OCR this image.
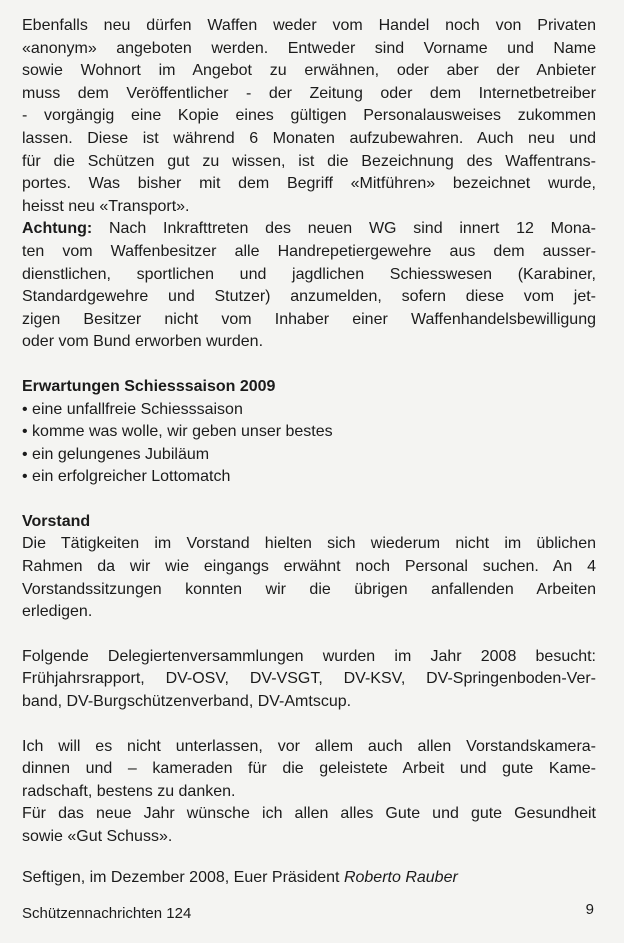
Ebenfalls neu dürfen Waffen weder vom Handel noch von Privaten
«anonym» angeboten werden. Entweder sind Vorname und Name
sowie Wohnort im Angebot zu erwähnen, oder aber der Anbieter
muss dem Veröffentlicher - der Zeitung oder dem Internetbetreiber
- vorgängig eine Kopie eines gültigen Personalausweises zukommen
lassen. Diese ist während 6 Monaten aufzubewahren. Auch neu und
für die Schützen gut zu wissen, ist die Bezeichnung des Waffentrans-
portes. Was bisher mit dem Begriff «Mitführen» bezeichnet wurde,
heisst neu «Transport».
Achtung: Nach Inkrafttreten des neuen WG sind innert 12 Mona-
ten vom Waffenbesitzer alle Handrepetiergewehre aus dem ausser-
dienstlichen, sportlichen und jagdlichen Schiesswesen (Karabiner,
Standardgewehre und Stutzer) anzumelden, sofern diese vom jet-
zigen Besitzer nicht vom Inhaber einer Waffenhandelsbewilligung
oder vom Bund erworben wurden.
Erwartungen Schiesssaison 2009
• eine unfallfreie Schiesssaison
• komme was wolle, wir geben unser bestes
• ein gelungenes Jubiläum
• ein erfolgreicher Lottomatch
Vorstand
Die Tätigkeiten im Vorstand hielten sich wiederum nicht im üblichen
Rahmen da wir wie eingangs erwähnt noch Personal suchen. An 4
Vorstandssitzungen konnten wir die übrigen anfallenden Arbeiten
erledigen.
Folgende Delegiertenversammlungen wurden im Jahr 2008 besucht:
Frühjahrsrapport, DV-OSV, DV-VSGT, DV-KSV, DV-Springenboden-Ver-
band, DV-Burgschützenverband, DV-Amtscup.
Ich will es nicht unterlassen, vor allem auch allen Vorstandskamera-
dinnen und – kameraden für die geleistete Arbeit und gute Kame-
radschaft, bestens zu danken.
Für das neue Jahr wünsche ich allen alles Gute und gute Gesundheit
sowie «Gut Schuss».
Seftigen, im Dezember 2008, Euer Präsident Roberto Rauber
Schützennachrichten 124	9
